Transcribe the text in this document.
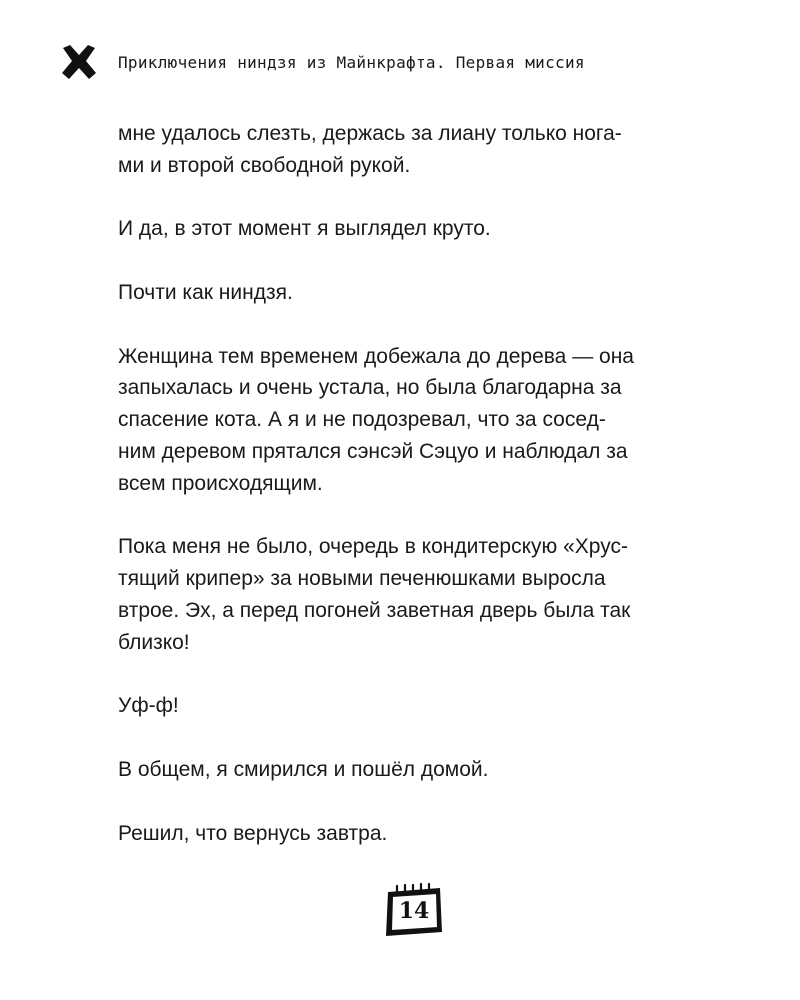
Приключения ниндзя из Майнкрафта. Первая миссия
мне удалось слезть, держась за лиану только нога-
ми и второй свободной рукой.
И да, в этот момент я выглядел круто.
Почти как ниндзя.
Женщина тем временем добежала до дерева — она
запыхалась и очень устала, но была благодарна за
спасение кота. А я и не подозревал, что за сосед-
ним деревом прятался сэнсэй Сэцуо и наблюдал за
всем происходящим.
Пока меня не было, очередь в кондитерскую «Хрус-
тящий крипер» за новыми печенюшками выросла
втрое. Эх, а перед погоней заветная дверь была так
близко!
Уф-ф!
В общем, я смирился и пошёл домой.
Решил, что вернусь завтра.
14
